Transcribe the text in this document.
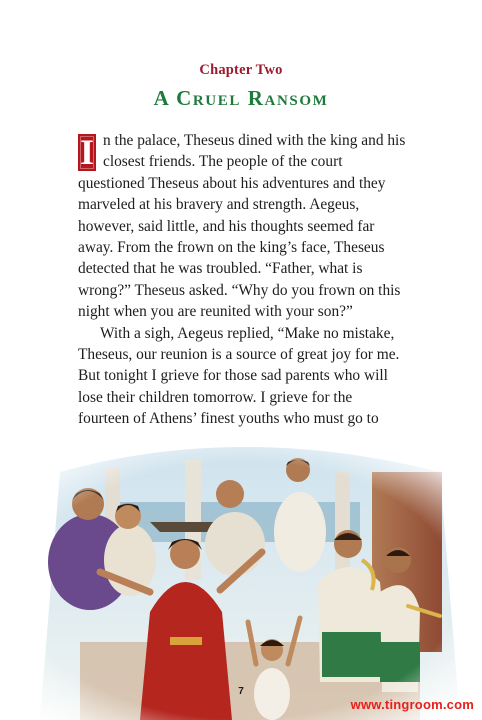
Chapter Two
A Cruel Ransom

I n the palace, Theseus dined with the king and his closest friends. The people of the court questioned Theseus about his adventures and they marveled at his bravery and strength. Aegeus, however, said little, and his thoughts seemed far away. From the frown on the king’s face, Theseus detected that he was troubled. “Father, what is wrong?” Theseus asked. “Why do you frown on this night when you are reunited with your son?”

With a sigh, Aegeus replied, “Make no mistake, Theseus, our reunion is a source of great joy for me. But tonight I grieve for those sad parents who will lose their children tomorrow. I grieve for the fourteen of Athens’ finest youths who must go to

7
www.tingroom.com
